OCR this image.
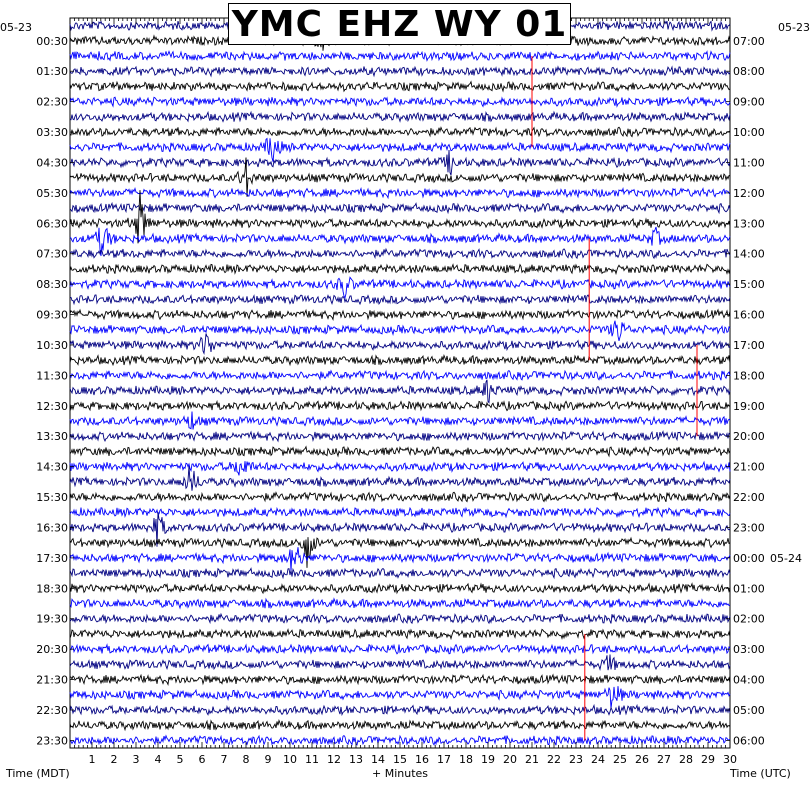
1 2 3 4 5 6 7 8 9 10 11 12 13 14 15 16 17 18 19 20 21 22 23 24 25 26 27 28 29 30
00:30
01:30
02:30
03:30
04:30
05:30
06:30
07:30
08:30
09:30
10:30
11:30
12:30
13:30
14:30
15:30
16:30
17:30
18:30
19:30
20:30
21:30
22:30
23:30
07:00
08:00
09:00
10:00
11:00
12:00
13:00
14:00
15:00
16:00
17:00
18:00
19:00
20:00
21:00
22:00
23:00
00:00 05-24
01:00
02:00
03:00
04:00
05:00
06:00
YMC EHZ WY 01
05-23	05-23
Time (MDT)	+ Minutes	Time (UTC)
